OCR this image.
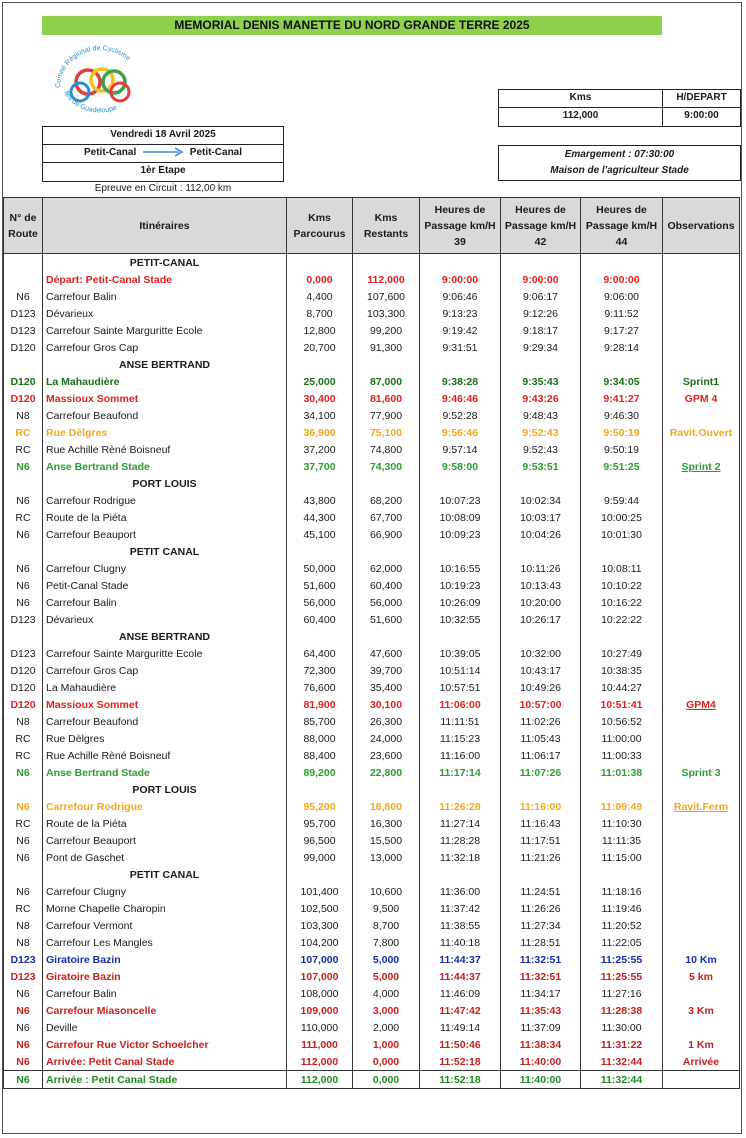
MEMORIAL DENIS MANETTE DU NORD GRANDE TERRE 2025
Comité Régional de Cyclisme
Iles de Guadeloupe
Vendredi 18 Avril 2025
Petit-Canal	Petit-Canal
1èr Etape
Epreuve en Circuit : 112,00 km
Kms	H/DEPART
112,000	9:00:00
Emargement : 07:30:00
Maison de l'agriculteur Stade
N° de Route	Itinéraires	Kms Parcourus	Kms Restants	Heures de Passage km/H 39	Heures de Passage km/H 42	Heures de Passage km/H 44	Observations
	PETIT-CANAL						
	Départ: Petit-Canal Stade	0,000	112,000	9:00:00	9:00:00	9:00:00	
N6	Carrefour Balin	4,400	107,600	9:06:46	9:06:17	9:06:00	
D123	Dévarieux	8,700	103,300	9:13:23	9:12:26	9:11:52	
D123	Carrefour Sainte Marguritte Ecole	12,800	99,200	9:19:42	9:18:17	9:17:27	
D120	Carrefour Gros Cap	20,700	91,300	9:31:51	9:29:34	9:28:14	
	ANSE BERTRAND						
D120	La Mahaudière	25,000	87,000	9:38:28	9:35:43	9:34:05	Sprint1
D120	Massioux Sommet	30,400	81,600	9:46:46	9:43:26	9:41:27	GPM 4
N8	Carrefour Beaufond	34,100	77,900	9:52:28	9:48:43	9:46:30	
RC	Rue Dèlgres	36,900	75,100	9:56:46	9:52:43	9:50:19	Ravit.Ouvert
RC	Rue Achille Rèné Boisneuf	37,200	74,800	9:57:14	9:52:43	9:50:19	
N6	Anse Bertrand Stade	37,700	74,300	9:58:00	9:53:51	9:51:25	Sprint 2
	PORT LOUIS						
N6	Carrefour Rodrigue	43,800	68,200	10:07:23	10:02:34	9:59:44	
RC	Route de la Piéta	44,300	67,700	10:08:09	10:03:17	10:00:25	
N6	Carrefour Beauport	45,100	66,900	10:09:23	10:04:26	10:01:30	
	PETIT CANAL						
N6	Carrefour Clugny	50,000	62,000	10:16:55	10:11:26	10:08:11	
N6	Petit-Canal Stade	51,600	60,400	10:19:23	10:13:43	10:10:22	
N6	Carrefour Balin	56,000	56,000	10:26:09	10:20:00	10:16:22	
D123	Dévarieux	60,400	51,600	10:32:55	10:26:17	10:22:22	
	ANSE BERTRAND						
D123	Carrefour Sainte Marguritte Ecole	64,400	47,600	10:39:05	10:32:00	10:27:49	
D120	Carrefour Gros Cap	72,300	39,700	10:51:14	10:43:17	10:38:35	
D120	La Mahaudière	76,600	35,400	10:57:51	10:49:26	10:44:27	
D120	Massioux Sommet	81,900	30,100	11:06:00	10:57:00	10:51:41	GPM4
N8	Carrefour Beaufond	85,700	26,300	11:11:51	11:02:26	10:56:52	
RC	Rue Dèlgres	88,000	24,000	11:15:23	11:05:43	11:00:00	
RC	Rue Achille Rèné Boisneuf	88,400	23,600	11:16:00	11:06:17	11:00:33	
N6	Anse Bertrand Stade	89,200	22,800	11:17:14	11:07:26	11:01:38	Sprint 3
	PORT LOUIS						
N6	Carrefour Rodrigue	95,200	16,800	11:26:28	11:16:00	11:09:49	Ravit.Ferm
RC	Route de la Piéta	95,700	16,300	11:27:14	11:16:43	11:10:30	
N6	Carrefour Beauport	96,500	15,500	11:28:28	11:17:51	11:11:35	
N6	Pont de Gaschet	99,000	13,000	11:32:18	11:21:26	11:15:00	
	PETIT CANAL						
N6	Carrefour Clugny	101,400	10,600	11:36:00	11:24:51	11:18:16	
RC	Morne Chapelle Charopin	102,500	9,500	11:37:42	11:26:26	11:19:46	
N8	Carrefour Vermont	103,300	8,700	11:38:55	11:27:34	11:20:52	
N8	Carrefour Les Mangles	104,200	7,800	11:40:18	11:28:51	11:22:05	
D123	Giratoire Bazin	107,000	5,000	11:44:37	11:32:51	11:25:55	10 Km
D123	Giratoire Bazin	107,000	5,000	11:44:37	11:32:51	11:25:55	5 km
N6	Carrefour Balin	108,000	4,000	11:46:09	11:34:17	11:27:16	
N6	Carrefour Miasoncelle	109,000	3,000	11:47:42	11:35:43	11:28:38	3 Km
N6	Deville	110,000	2,000	11:49:14	11:37:09	11:30:00	
N6	Carrefour Rue Victor Schoelcher	111,000	1,000	11:50:46	11:38:34	11:31:22	1 Km
N6	Arrivée: Petit Canal Stade	112,000	0,000	11:52:18	11:40:00	11:32:44	Arrivée
N6	Arrivée : Petit Canal Stade	112,000	0,000	11:52:18	11:40:00	11:32:44	
